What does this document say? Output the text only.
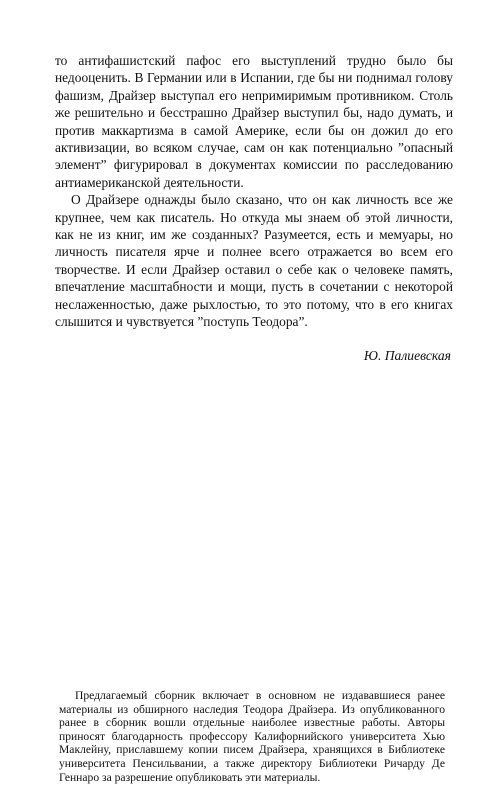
то антифашистский пафос его выступлений трудно было бы недооценить. В Германии или в Испании, где бы ни поднимал голову фашизм, Драйзер выступал его непримиримым противником. Столь же решительно и бесстрашно Драйзер выступил бы, надо думать, и против маккартизма в самой Америке, если бы он дожил до его активизации, во всяком случае, сам он как потенциально ”опасный элемент” фигурировал в документах комиссии по расследованию антиамериканской деятельности.

О Драйзере однажды было сказано, что он как личность все же крупнее, чем как писатель. Но откуда мы знаем об этой личности, как не из книг, им же созданных? Разумеется, есть и мемуары, но личность писателя ярче и полнее всего отражается во всем его творчестве. И если Драйзер оставил о себе как о человеке память, впечатление масштабности и мощи, пусть в сочетании с некоторой неслаженностью, даже рыхлостью, то это потому, что в его книгах слышится и чувствуется ”поступь Теодора”.

Ю. Палиевская

Предлагаемый сборник включает в основном не издававшиеся ранее материалы из обширного наследия Теодора Драйзера. Из опубликованного ранее в сборник вошли отдельные наиболее известные работы. Авторы приносят благодарность профессору Калифорнийского университета Хью Маклейну, приславшему копии писем Драйзера, хранящихся в Библиотеке университета Пенсильвании, а также директору Библиотеки Ричарду Де Геннаро за разрешение опубликовать эти материалы.
